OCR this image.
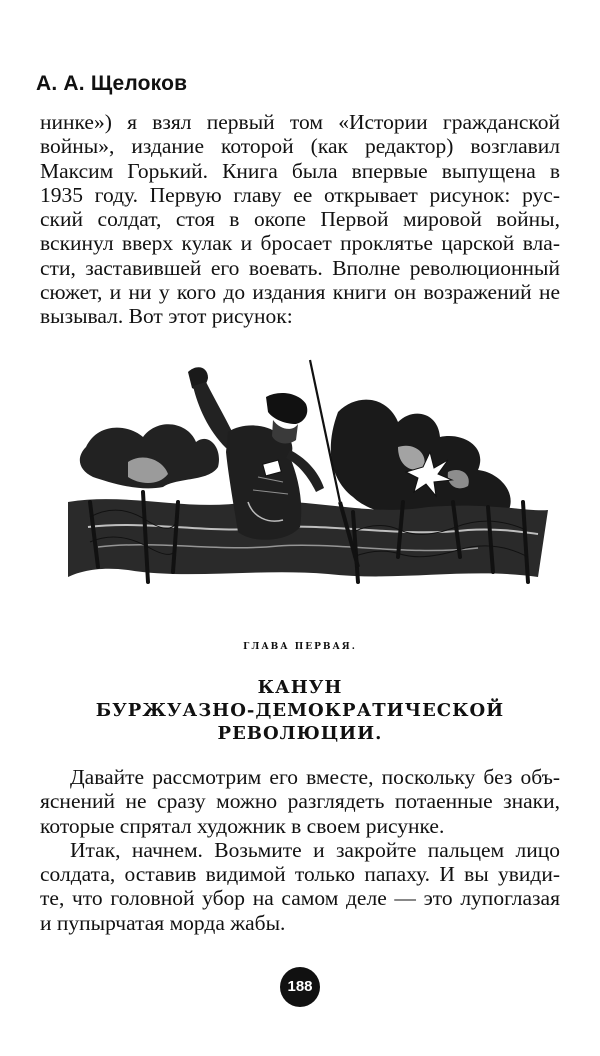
А. А. Щелоков
нинке») я взял первый том «Истории гражданской
войны», издание которой (как редактор) возглавил
Максим Горький. Книга была впервые выпущена в
1935 году. Первую главу ее открывает рисунок: рус-
ский солдат, стоя в окопе Первой мировой войны,
вскинул вверх кулак и бросает проклятье царской вла-
сти, заставившей его воевать. Вполне революционный
сюжет, и ни у кого до издания книги он возражений не
вызывал. Вот этот рисунок:
ГЛАВА ПЕРВАЯ.
КАНУН
БУРЖУАЗНО-ДЕМОКРАТИЧЕСКОЙ
РЕВОЛЮЦИИ.
Давайте рассмотрим его вместе, поскольку без объ-
яснений не сразу можно разглядеть потаенные знаки,
которые спрятал художник в своем рисунке.
Итак, начнем. Возьмите и закройте пальцем лицо
солдата, оставив видимой только папаху. И вы увиди-
те, что головной убор на самом деле — это лупоглазая
и пупырчатая морда жабы.
188
